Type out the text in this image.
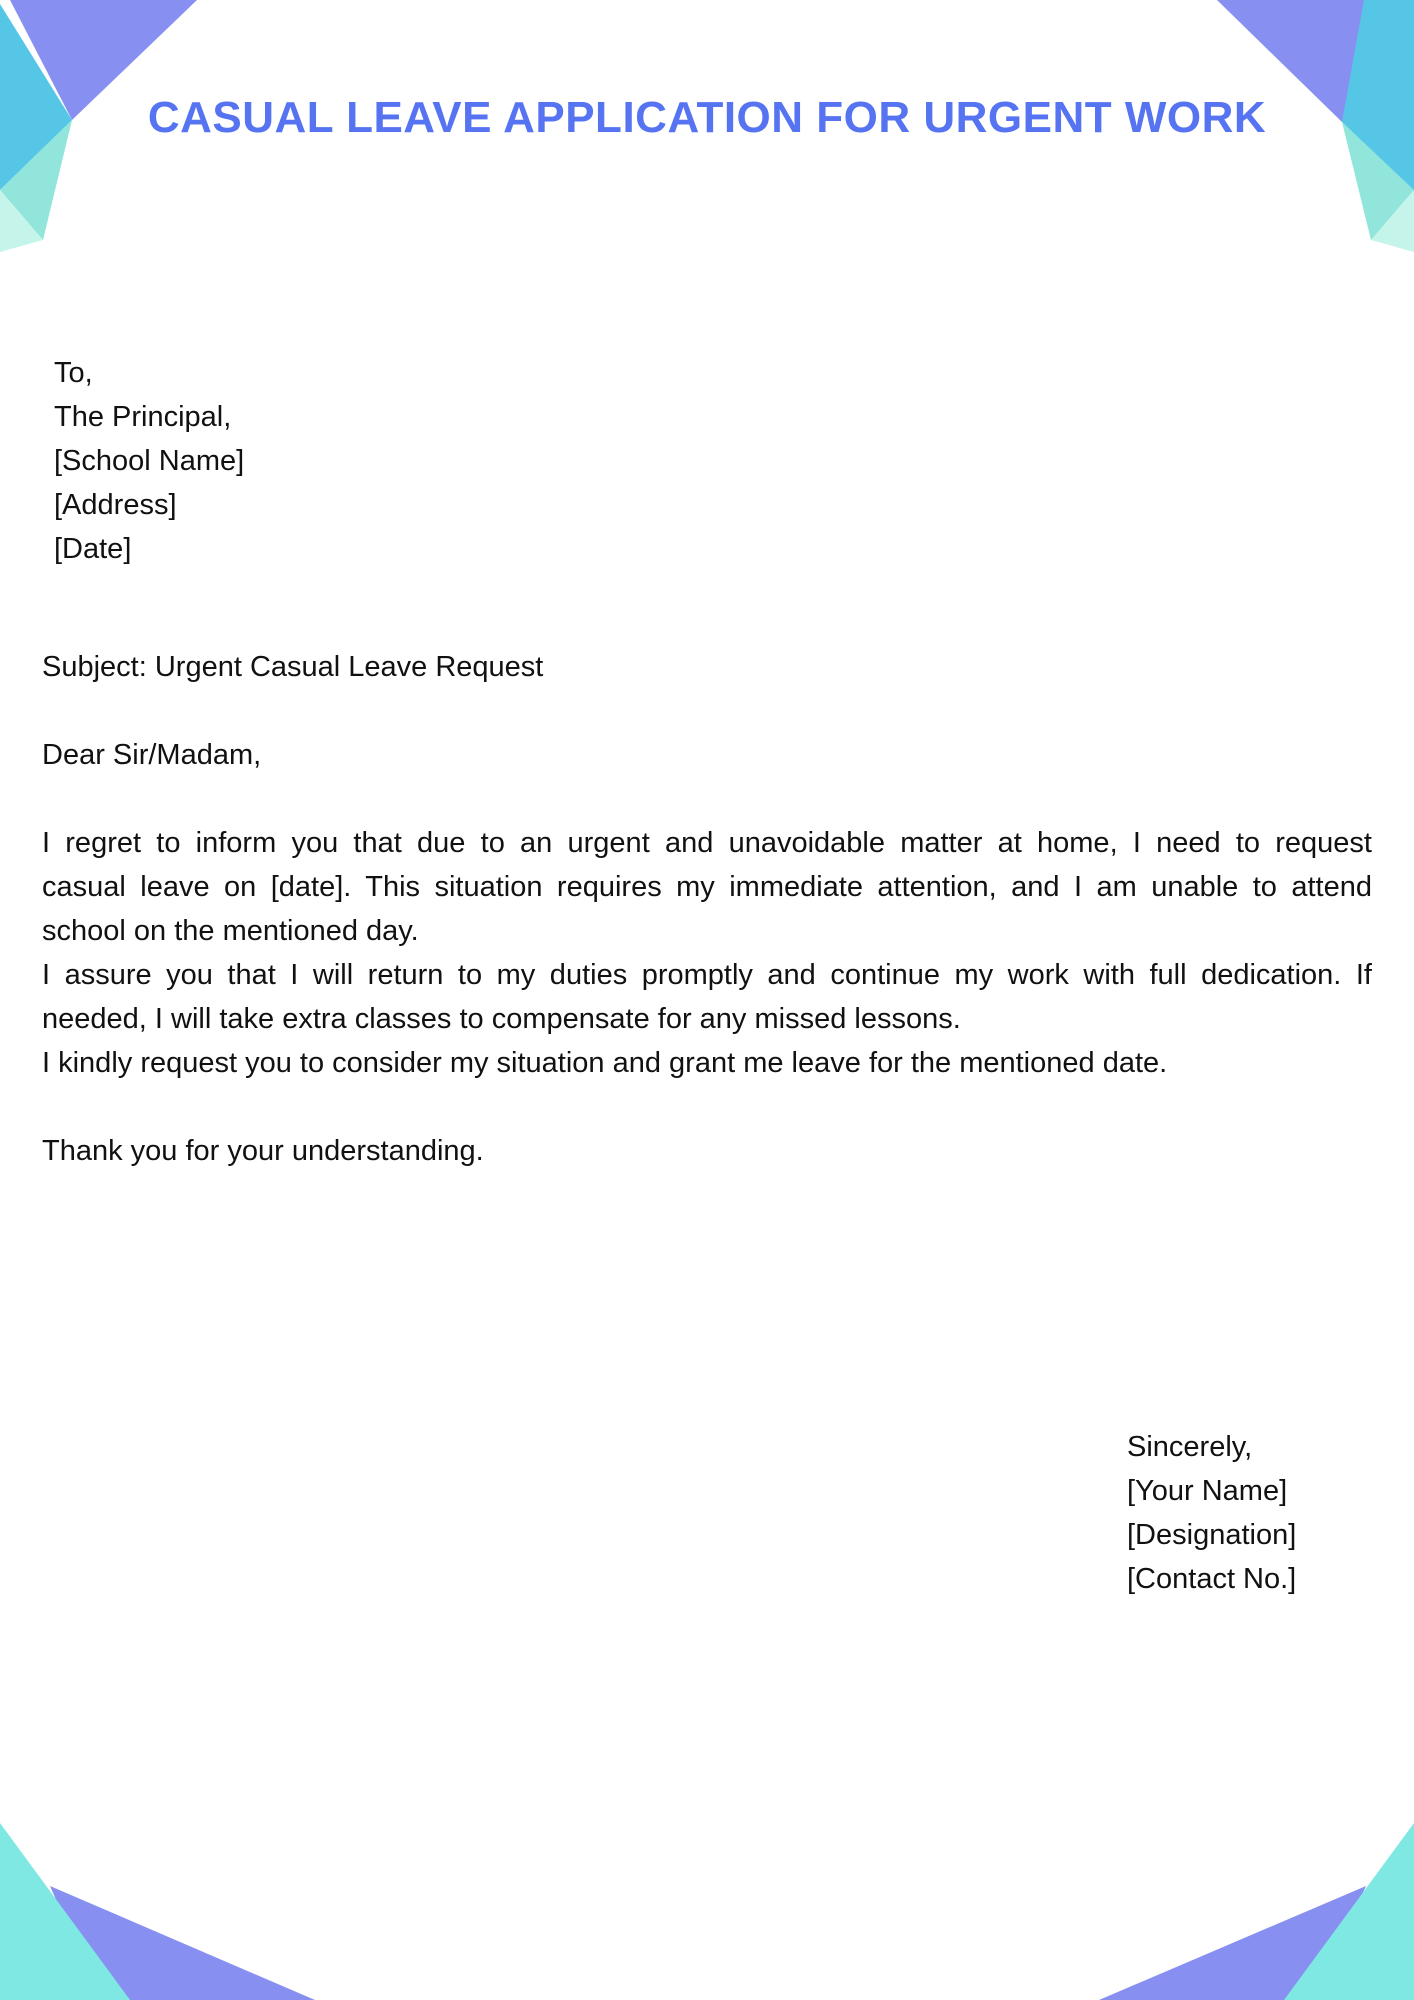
CASUAL LEAVE APPLICATION FOR URGENT WORK
To,
The Principal,
[School Name]
[Address]
[Date]
Subject: Urgent Casual Leave Request
Dear Sir/Madam,
I regret to inform you that due to an urgent and unavoidable matter at home, I need to request
casual leave on [date]. This situation requires my immediate attention, and I am unable to attend
school on the mentioned day.
I assure you that I will return to my duties promptly and continue my work with full dedication. If
needed, I will take extra classes to compensate for any missed lessons.
I kindly request you to consider my situation and grant me leave for the mentioned date.
Thank you for your understanding.
Sincerely,
[Your Name]
[Designation]
[Contact No.]
